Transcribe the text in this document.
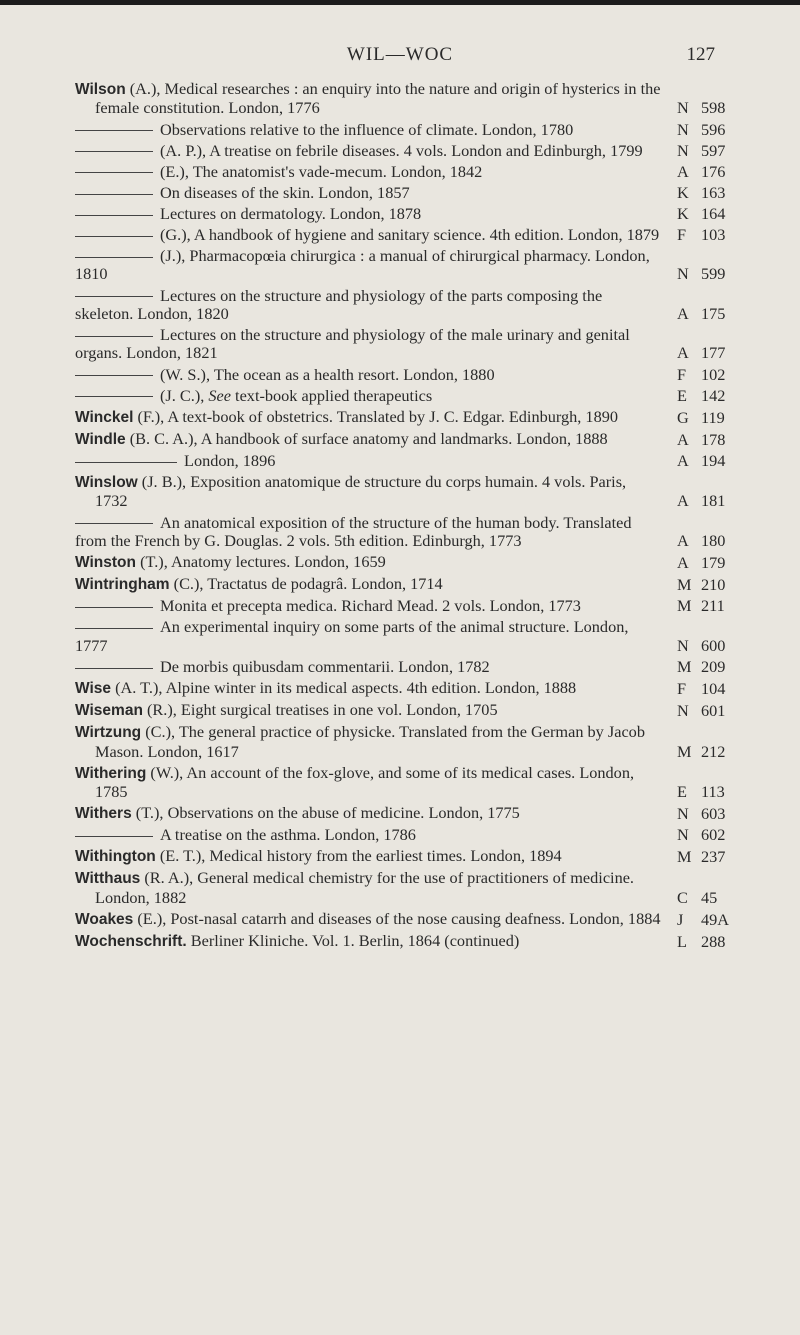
WIL—WOC	127
Wilson (A.), Medical researches : an enquiry into the nature and origin of hysterics in the female constitution. London, 1776	N 598
Observations relative to the influence of climate. London, 1780	N 596
(A. P.), A treatise on febrile diseases. 4 vols. London and Edinburgh, 1799	N 597
(E.), The anatomist's vade-mecum. London, 1842	A 176
On diseases of the skin. London, 1857	K 163
Lectures on dermatology. London, 1878	K 164
(G.), A handbook of hygiene and sanitary science. 4th edition. London, 1879 F 103
(J.), Pharmacopœia chirurgica : a manual of chirurgical pharmacy. London, 1810	N 599
Lectures on the structure and physiology of the parts composing the skeleton. London, 1820	A 175
Lectures on the structure and physiology of the male urinary and genital organs. London, 1821	A 177
(W. S.), The ocean as a health resort. London, 1880	F 102
(J. C.), See text-book applied therapeutics	E 142
Winckel (F.), A text-book of obstetrics. Translated by J. C. Edgar. Edinburgh, 1890	G 119
Windle (B. C. A.), A handbook of surface anatomy and landmarks. London, 1888	A 178
London, 1896	A 194
Winslow (J. B.), Exposition anatomique de structure du corps humain. 4 vols. Paris, 1732	A 181
An anatomical exposition of the structure of the human body. Translated from the French by G. Douglas. 2 vols. 5th edition. Edinburgh, 1773	A 180
Winston (T.), Anatomy lectures. London, 1659	A 179
Wintringham (C.), Tractatus de podagrâ. London, 1714	M 210
Monita et precepta medica. Richard Mead. 2 vols. London, 1773	M 211
An experimental inquiry on some parts of the animal structure. London, 1777	N 600
De morbis quibusdam commentarii. London, 1782	M 209
Wise (A. T.), Alpine winter in its medical aspects. 4th edition. London, 1888	F 104
Wiseman (R.), Eight surgical treatises in one vol. London, 1705	N 601
Wirtzung (C.), The general practice of physicke. Translated from the German by Jacob Mason. London, 1617	M 212
Withering (W.), An account of the fox-glove, and some of its medical cases. London, 1785	E 113
Withers (T.), Observations on the abuse of medicine. London, 1775	N 603
A treatise on the asthma. London, 1786	N 602
Withington (E. T.), Medical history from the earliest times. London, 1894	M 237
Witthaus (R. A.), General medical chemistry for the use of practitioners of medicine. London, 1882	C 45
Woakes (E.), Post-nasal catarrh and diseases of the nose causing deafness. London, 1884 J 49A
Wochenschrift. Berliner Kliniche. Vol. 1. Berlin, 1864 (continued)	L 288
